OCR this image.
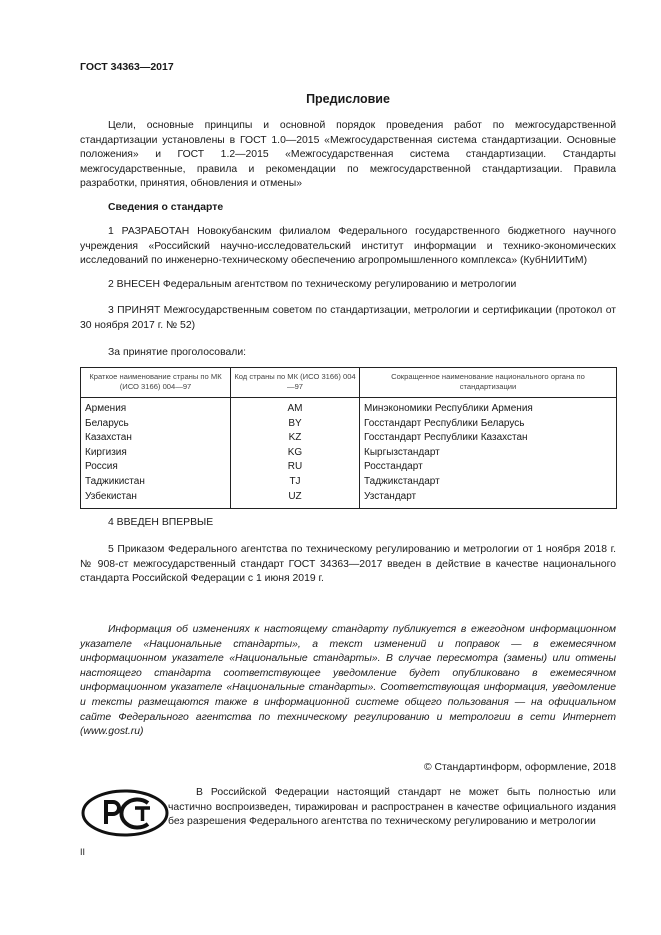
ГОСТ 34363—2017
Предисловие
Цели, основные принципы и основной порядок проведения работ по межгосударственной стандартизации установлены в ГОСТ 1.0—2015 «Межгосударственная система стандартизации. Основные положения» и ГОСТ 1.2—2015 «Межгосударственная система стандартизации. Стандарты межгосударственные, правила и рекомендации по межгосударственной стандартизации. Правила разработки, принятия, обновления и отмены»
Сведения о стандарте
1 РАЗРАБОТАН Новокубанским филиалом Федерального государственного бюджетного научного учреждения «Российский научно-исследовательский институт информации и технико-экономических исследований по инженерно-техническому обеспечению агропромышленного комплекса» (КубНИИТиМ)
2 ВНЕСЕН Федеральным агентством по техническому регулированию и метрологии
3 ПРИНЯТ Межгосударственным советом по стандартизации, метрологии и сертификации (протокол от 30 ноября 2017 г. № 52)
За принятие проголосовали:
Краткое наименование страны по МК (ИСО 3166) 004—97	Код страны по МК (ИСО 3166) 004—97	Сокращенное наименование национального органа по стандартизации
Армения	AM	Минэкономики Республики Армения
Беларусь	BY	Госстандарт Республики Беларусь
Казахстан	KZ	Госстандарт Республики Казахстан
Киргизия	KG	Кыргызстандарт
Россия	RU	Росстандарт
Таджикистан	TJ	Таджикстандарт
Узбекистан	UZ	Узстандарт
4 ВВЕДЕН ВПЕРВЫЕ
5 Приказом Федерального агентства по техническому регулированию и метрологии от 1 ноября 2018 г. № 908-ст межгосударственный стандарт ГОСТ 34363—2017 введен в действие в качестве национального стандарта Российской Федерации с 1 июня 2019 г.
Информация об изменениях к настоящему стандарту публикуется в ежегодном информационном указателе «Национальные стандарты», а текст изменений и поправок — в ежемесячном информационном указателе «Национальные стандарты». В случае пересмотра (замены) или отмены настоящего стандарта соответствующее уведомление будет опубликовано в ежемесячном информационном указателе «Национальные стандарты». Соответствующая информация, уведомление и тексты размещаются также в информационной системе общего пользования — на официальном сайте Федерального агентства по техническому регулированию и метрологии в сети Интернет (www.gost.ru)
© Стандартинформ, оформление, 2018
В Российской Федерации настоящий стандарт не может быть полностью или частично воспроизведен, тиражирован и распространен в качестве официального издания без разрешения Федерального агентства по техническому регулированию и метрологии
II
